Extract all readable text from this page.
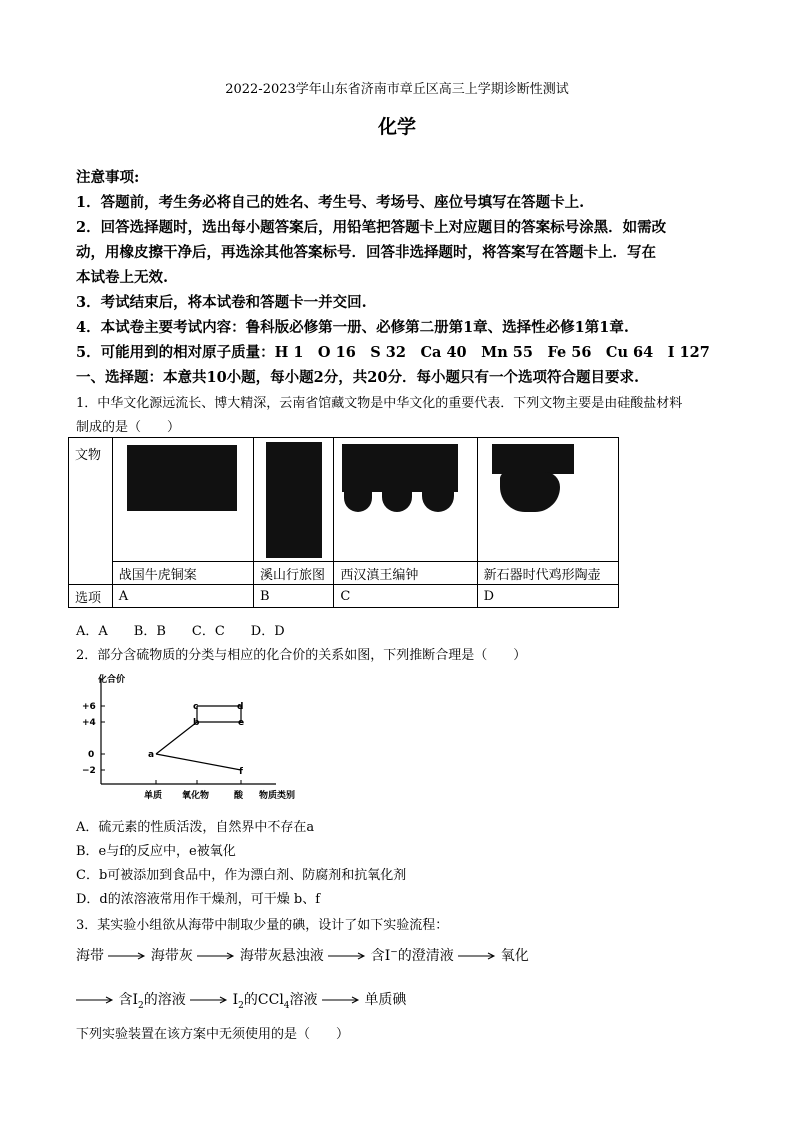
2022-2023学年山东省济南市章丘区高三上学期诊断性测试
化学
注意事项:
1．答题前，考生务必将自己的姓名、考生号、考场号、座位号填写在答题卡上.
2．回答选择题时，选出每小题答案后，用铅笔把答题卡上对应题目的答案标号涂黑．如需改
动，用橡皮擦干净后，再选涂其他答案标号．回答非选择题时，将答案写在答题卡上．写在
本试卷上无效.
3．考试结束后，将本试卷和答题卡一并交回.
4．本试卷主要考试内容：鲁科版必修第一册、必修第二册第1章、选择性必修1第1章.
5．可能用到的相对原子质量：H 1　O 16　S 32　Ca 40　Mn 55　Fe 56　Cu 64　I 127
一、选择题：本意共10小题，每小题2分，共20分．每小题只有一个选项符合题目要求.
1．中华文化源远流长、博大精深，云南省馆藏文物是中华文化的重要代表．下列文物主要是由硅酸盐材料
制成的是（　　）
文物	

	战国牛虎铜案	溪山行旅图	西汉滇王编钟	新石器时代鸡形陶壶
选项	A	B	C	D
A．A　　B．B　　C．C　　D．D
2．部分含硫物质的分类与相应的化合价的关系如图，下列推断合理是（　　）
化合价
+6
+4
0
−2
单质 氧化物	酸 物质类别
a
b
c	d
e
f
A．硫元素的性质活泼，自然界中不存在a
B．e与f的反应中，e被氧化
C．b可被添加到食品中，作为漂白剂、防腐剂和抗氧化剂
D．d的浓溶液常用作干燥剂，可干燥 b、f
3．某实验小组欲从海带中制取少量的碘，设计了如下实验流程：
海带	海带灰	海带灰悬浊液	含I−的澄清液	氧化
含$I_2$的溶液	$I_2$的CCl$_4$溶液	单质碘
下列实验装置在该方案中无须使用的是（　　）
